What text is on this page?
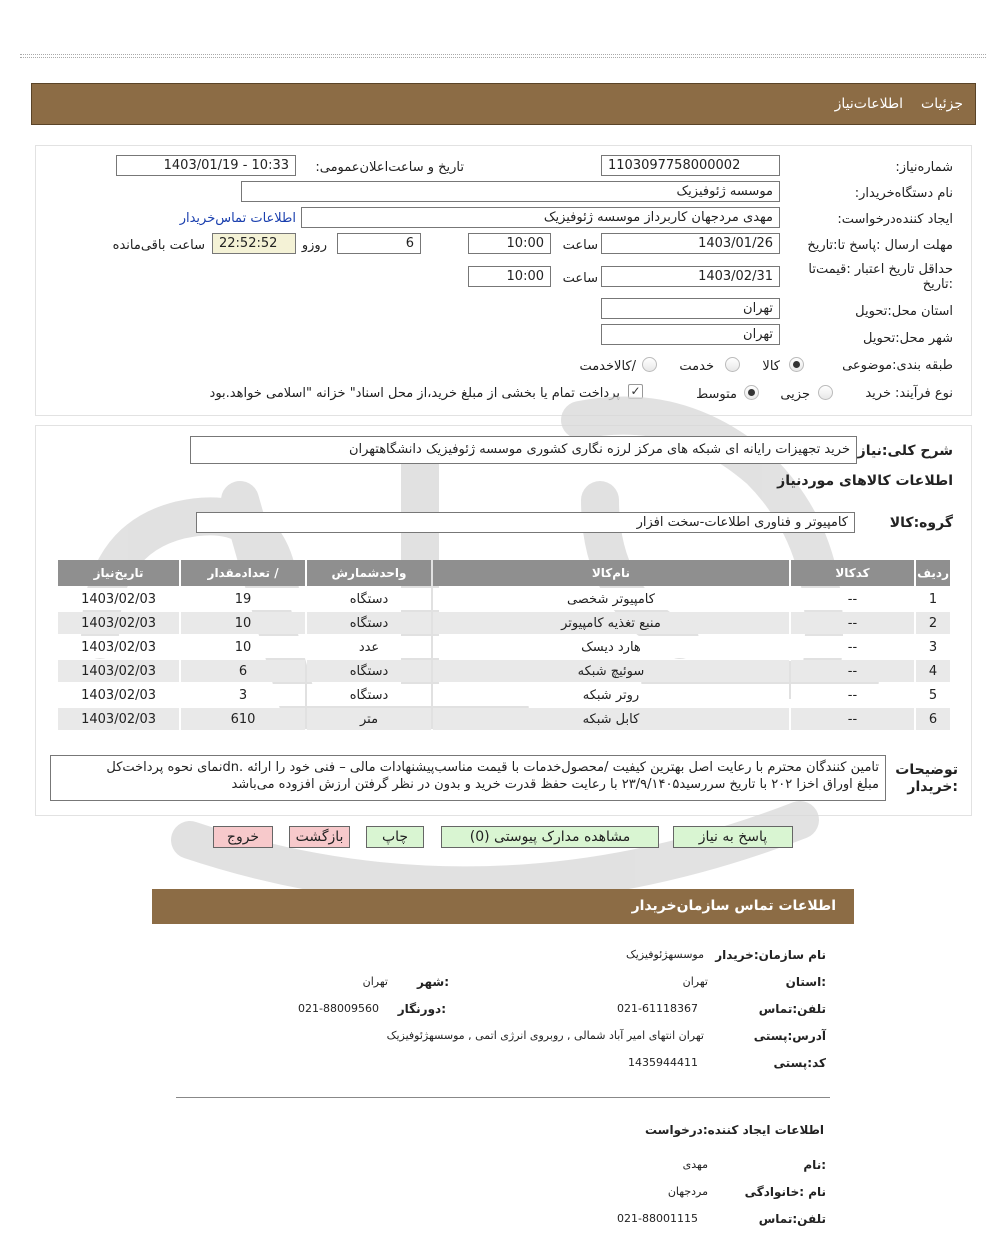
جزئیات
اطلاعات‌نیاز
شماره‌نیاز:
1103097758000002
تاریخ و ساعت‌اعلان‌عمومی:
1403/01/19 - 10:33
نام دستگاه‌خریدار:
موسسه ژئوفیزیک
ایجاد کننده‌درخواست:
مهدی مردجهان کاربرداز موسسه ژئوفیزیک
اطلاعات تماس‌خریدار
مهلت ارسال :پاسخ تا:تاریخ
1403/01/26
ساعت
10:00
6
روزو
22:52:52
ساعت باقی‌مانده
حداقل تاریخ اعتبار :قیمت‌تا :تاریخ
1403/02/31
ساعت
10:00
استان محل:تحویل
تهران
شهر محل:تحویل
تهران
طبقه بندی:موضوعی
کالا
خدمت
/کالاخدمت
نوع فرآیند:
خرید
جزیی
متوسط
✓
پرداخت تمام یا بخشی از مبلغ خرید،از محل اسناد" خزانه "اسلامی خواهد.بود
شرح کلی:نیاز
خرید تجهیزات رایانه ای شبکه های مرکز لرزه نگاری کشوری موسسه ژئوفیزیک دانشگاهتهران
اطلاعات کالاهای موردنیاز
گروه:کالا
کامپیوتر و فناوری اطلاعات-سخت افزار
ردیف	کدکالا	نام‌کالا	واحدشمارش	/ تعدادمقدار	تاریخ‌نیاز
1	--	کامپیوتر شخصی	دستگاه	19	1403/02/03
2	--	منبع تغذیه کامپیوتر	دستگاه	10	1403/02/03
3	--	هارد دیسک	عدد	10	1403/02/03
4	--	سوئیچ شبکه	دستگاه	6	1403/02/03
5	--	روتر شبکه	دستگاه	3	1403/02/03
6	--	کابل شبکه	متر	610	1403/02/03
توضیحات :خریدار
تامین کنندگان محترم با رعایت اصل بهترین کیفیت /محصول‌خدمات با قیمت مناسب‌پیشنهادات مالی – فنی خود را ارائه .dnنمای نحوه پرداخت‌کل
مبلغ اوراق اخزا ۲۰۲ با تاریخ سررسید۲۳/۹/۱۴۰۵ با رعایت حفظ قدرت خرید و بدون در نظر گرفتن ارزش افزوده می‌باشد
پاسخ به نیاز
مشاهده مدارک پیوستی (0)
چاپ
بازگشت
خروج
اطلاعات تماس سازمان‌خریدار
نام سازمان:خریدار
موسسهژئوفیزیک
:استان
تهران
:شهر
تهران
تلفن:تماس
021-61118367
:دورنگار
021-88009560
آدرس:پستی
تهران انتهای امیر آباد شمالی , روبروی انرژی اتمی , موسسهژئوفیزیک
کد:پستی
1435944411
اطلاعات ایجاد کننده:درخواست
:نام
مهدی
نام :خانوادگی
مردجهان
تلفن:تماس
021-88001115
